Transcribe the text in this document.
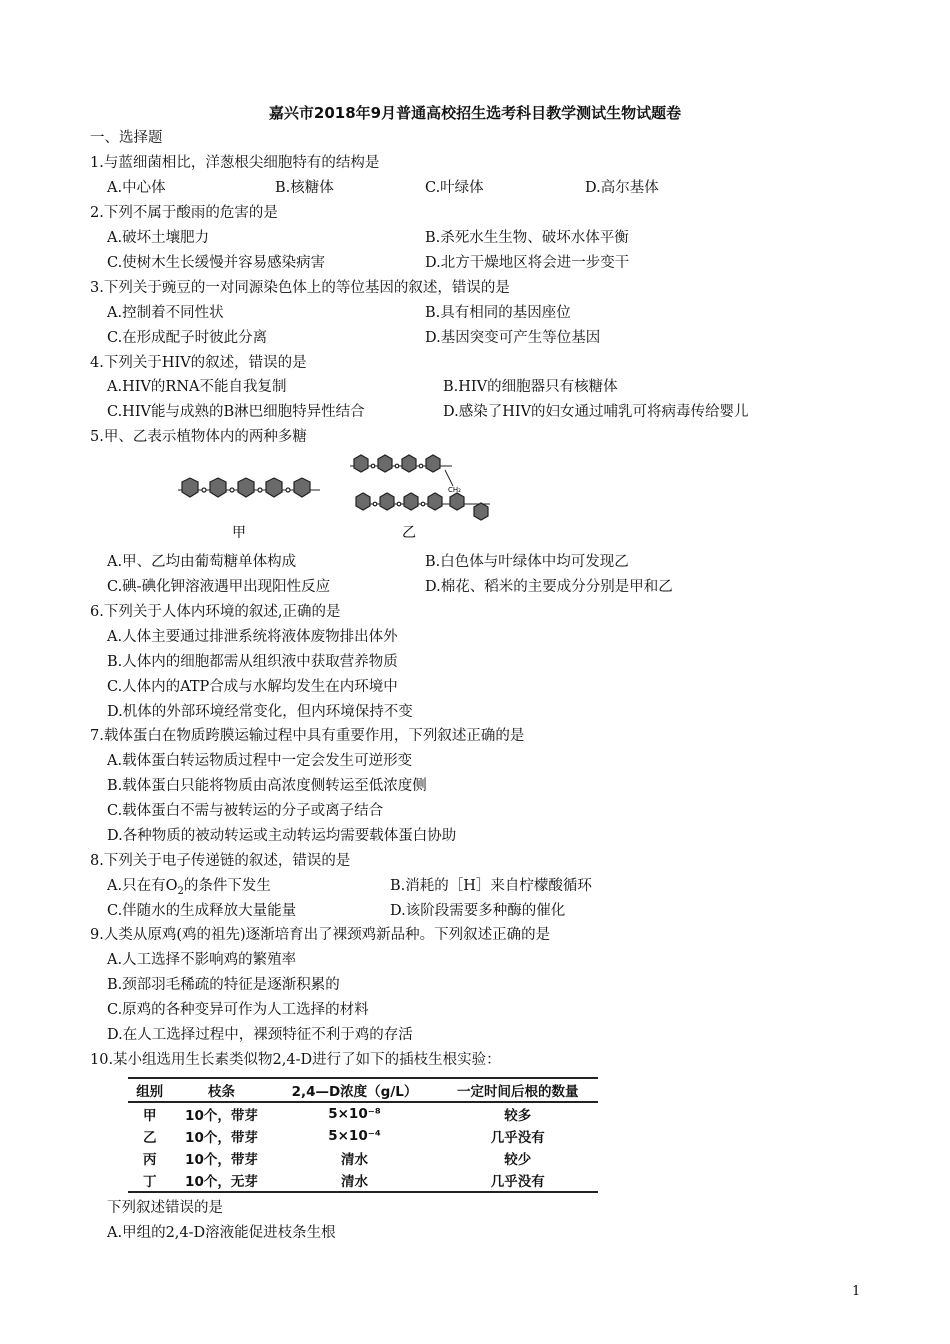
嘉兴市2018年9月普通高校招生选考科目教学测试生物试题卷
一、选择题
1.与蓝细菌相比，洋葱根尖细胞特有的结构是
A.中心体	B.核糖体	C.叶绿体	D.高尔基体
2.下列不属于酸雨的危害的是
A.破坏土壤肥力	B.杀死水生生物、破坏水体平衡
C.使树木生长缓慢并容易感染病害	D.北方干燥地区将会进一步变干
3.下列关于豌豆的一对同源染色体上的等位基因的叙述，错误的是
A.控制着不同性状	B.具有相同的基因座位
C.在形成配子时彼此分离	D.基因突变可产生等位基因
4.下列关于HIV的叙述，错误的是
A.HIV的RNA不能自我复制	B.HIV的细胞器只有核糖体
C.HIV能与成熟的B淋巴细胞特异性结合	D.感染了HIV的妇女通过哺乳可将病毒传给婴儿
5.甲、乙表示植物体内的两种多糖
甲
CH₂
乙
A.甲、乙均由葡萄糖单体构成	B.白色体与叶绿体中均可发现乙
C.碘-碘化钾溶液遇甲出现阳性反应	D.棉花、稻米的主要成分分别是甲和乙
6.下列关于人体内环境的叙述,正确的是
A.人体主要通过排泄系统将液体废物排出体外
B.人体内的细胞都需从组织液中获取营养物质
C.人体内的ATP合成与水解均发生在内环境中
D.机体的外部环境经常变化，但内环境保持不变
7.载体蛋白在物质跨膜运输过程中具有重要作用，下列叙述正确的是
A.载体蛋白转运物质过程中一定会发生可逆形变
B.载体蛋白只能将物质由高浓度侧转运至低浓度侧
C.载体蛋白不需与被转运的分子或离子结合
D.各种物质的被动转运或主动转运均需要载体蛋白协助
8.下列关于电子传递链的叙述，错误的是
A.只在有$O_2$的条件下发生	B.消耗的［H］来自柠檬酸循环
C.伴随水的生成释放大量能量	D.该阶段需要多种酶的催化
9.人类从原鸡(鸡的祖先)逐渐培育出了裸颈鸡新品种。下列叙述正确的是
A.人工选择不影响鸡的繁殖率
B.颈部羽毛稀疏的特征是逐渐积累的
C.原鸡的各种变异可作为人工选择的材料
D.在人工选择过程中，裸颈特征不利于鸡的存活
10.某小组选用生长素类似物2,4-D进行了如下的插枝生根实验：
组别	枝条	2,4—D浓度（g/L）	一定时间后根的数量
甲	10个，带芽	5×10⁻⁸	较多
乙	10个，带芽	5×10⁻⁴	几乎没有
丙	10个，带芽	清水	较少
丁	10个，无芽	清水	几乎没有
下列叙述错误的是
A.甲组的2,4-D溶液能促进枝条生根
1
